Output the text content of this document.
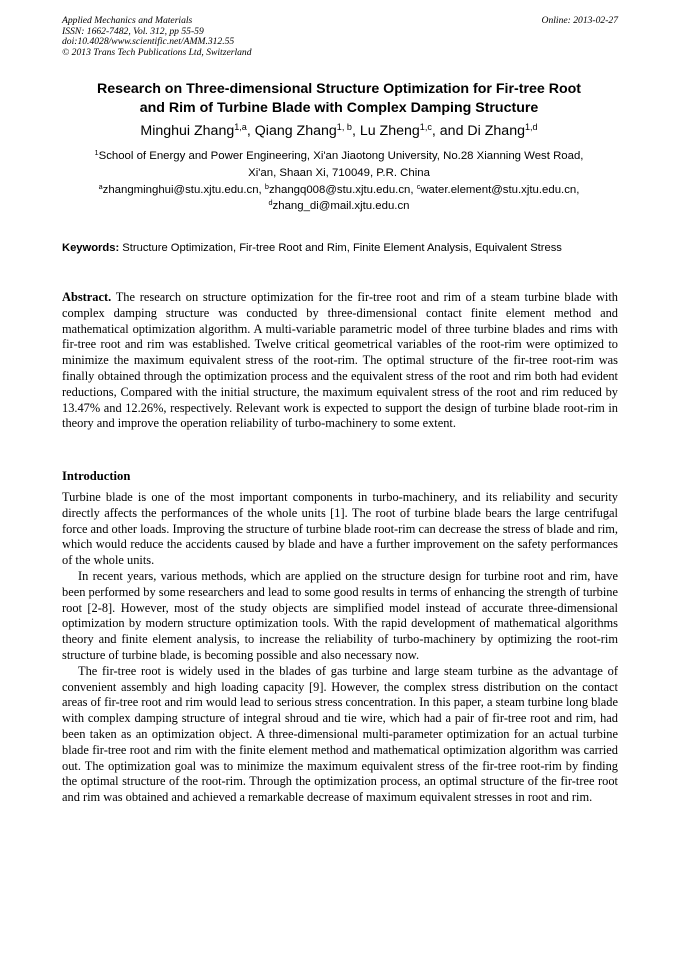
Applied Mechanics and Materials
ISSN: 1662-7482, Vol. 312, pp 55-59
doi:10.4028/www.scientific.net/AMM.312.55
© 2013 Trans Tech Publications Ltd, Switzerland
Online: 2013-02-27
Research on Three-dimensional Structure Optimization for Fir-tree Root
and Rim of Turbine Blade with Complex Damping Structure
Minghui Zhang$^{1,a}$, Qiang Zhang$^{1, b}$, Lu Zheng$^{1,c}$, and Di Zhang$^{1,d}$
$^1$School of Energy and Power Engineering, Xi'an Jiaotong University, No.28 Xianning West Road,
Xi'an, Shaan Xi, 710049, P.R. China
$^a$zhangminghui@stu.xjtu.edu.cn, $^b$zhangq008@stu.xjtu.edu.cn, $^c$water.element@stu.xjtu.edu.cn,
$^d$zhang_di@mail.xjtu.edu.cn
Keywords: Structure Optimization, Fir-tree Root and Rim, Finite Element Analysis, Equivalent Stress
Abstract. The research on structure optimization for the fir-tree root and rim of a steam turbine blade with complex damping structure was conducted by three-dimensional contact finite element method and mathematical optimization algorithm. A multi-variable parametric model of three turbine blades and rims with fir-tree root and rim was established. Twelve critical geometrical variables of the root-rim were optimized to minimize the maximum equivalent stress of the root-rim. The optimal structure of the fir-tree root-rim was finally obtained through the optimization process and the equivalent stress of the root and rim both had evident reductions, Compared with the initial structure, the maximum equivalent stress of the root and rim reduced by 13.47% and 12.26%, respectively. Relevant work is expected to support the design of turbine blade root-rim in theory and improve the operation reliability of turbo-machinery to some extent.
Introduction

Turbine blade is one of the most important components in turbo-machinery, and its reliability and security directly affects the performances of the whole units [1]. The root of turbine blade bears the large centrifugal force and other loads. Improving the structure of turbine blade root-rim can decrease the stress of blade and rim, which would reduce the accidents caused by blade and have a further improvement on the safety performances of the whole units.

In recent years, various methods, which are applied on the structure design for turbine root and rim, have been performed by some researchers and lead to some good results in terms of enhancing the strength of turbine root [2-8]. However, most of the study objects are simplified model instead of accurate three-dimensional optimization by modern structure optimization tools. With the rapid development of mathematical algorithms theory and finite element analysis, to increase the reliability of turbo-machinery by optimizing the root-rim structure of turbine blade, is becoming possible and also necessary now.

The fir-tree root is widely used in the blades of gas turbine and large steam turbine as the advantage of convenient assembly and high loading capacity [9]. However, the complex stress distribution on the contact areas of fir-tree root and rim would lead to serious stress concentration. In this paper, a steam turbine long blade with complex damping structure of integral shroud and tie wire, which had a pair of fir-tree root and rim, had been taken as an optimization object. A three-dimensional multi-parameter optimization for an actual turbine blade fir-tree root and rim with the finite element method and mathematical optimization algorithm was carried out. The optimization goal was to minimize the maximum equivalent stress of the fir-tree root-rim by finding the optimal structure of the root-rim. Through the optimization process, an optimal structure of the fir-tree root and rim was obtained and achieved a remarkable decrease of maximum equivalent stresses in root and rim.
